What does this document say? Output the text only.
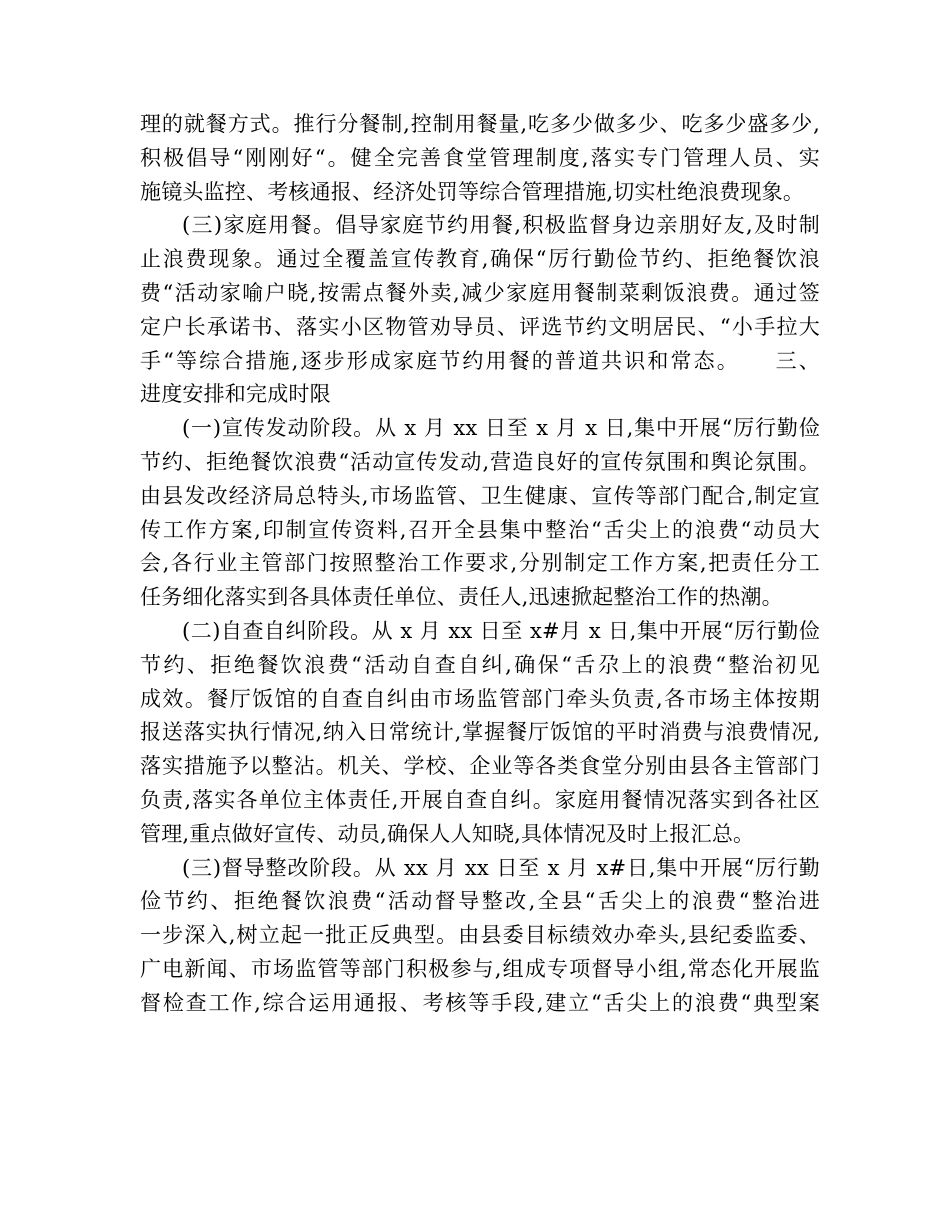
理的就餐方式。推行分餐制,控制用餐量,吃多少做多少、吃多少盛多少,
积极倡导“刚刚好“。健全完善食堂管理制度,落实专门管理人员、实
施镜头监控、考核通报、经济处罚等综合管理措施,切实杜绝浪费现象。
(三)家庭用餐。倡导家庭节约用餐,积极监督身边亲朋好友,及时制
止浪费现象。通过全覆盖宣传教育,确保“厉行勤俭节约、拒绝餐饮浪
费“活动家喻户晓,按需点餐外卖,减少家庭用餐制菜剩饭浪费。通过签
定户长承诺书、落实小区物管劝导员、评选节约文明居民、“小手拉大
手“等综合措施,逐步形成家庭节约用餐的普道共识和常态。　　三、
进度安排和完成时限
(一)宣传发动阶段。从 x 月 xx 日至 x 月 x 日,集中开展“厉行勤俭
节约、拒绝餐饮浪费“活动宣传发动,营造良好的宣传氛围和舆论氛围。
由县发改经济局总特头,市场监管、卫生健康、宣传等部门配合,制定宣
传工作方案,印制宣传资料,召开全县集中整治“舌尖上的浪费“动员大
会,各行业主管部门按照整治工作要求,分别制定工作方案,把责任分工
任务细化落实到各具体责任单位、责任人,迅速掀起整治工作的热潮。
(二)自查自纠阶段。从 x 月 xx 日至 x#月 x 日,集中开展“厉行勤俭
节约、拒绝餐饮浪费“活动自查自纠,确保“舌尕上的浪费“整治初见
成效。餐厅饭馆的自查自纠由市场监管部门牵头负责,各市场主体按期
报送落实执行情况,纳入日常统计,掌握餐厅饭馆的平时消费与浪费情况,
落实措施予以整沾。机关、学校、企业等各类食堂分别由县各主管部门
负责,落实各单位主体责任,开展自查自纠。家庭用餐情况落实到各社区
管理,重点做好宣传、动员,确保人人知晓,具体情况及时上报汇总。
(三)督导整改阶段。从 xx 月 xx 日至 x 月 x#日,集中开展“厉行勤
俭节约、拒绝餐饮浪费“活动督导整改,全县“舌尖上的浪费“整治进
一步深入,树立起一批正反典型。由县委目标绩效办牵头,县纪委监委、
广电新闻、市场监管等部门积极参与,组成专项督导小组,常态化开展监
督检查工作,综合运用通报、考核等手段,建立“舌尖上的浪费“典型案
